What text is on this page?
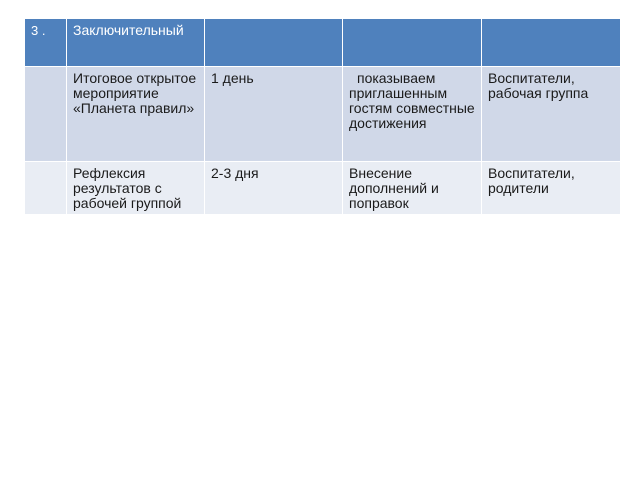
3 .	Заключительный			
	Итоговое открытое мероприятие «Планета правил»	1 день	показываем приглашенным гостям совместные достижения	Воспитатели, рабочая группа
	Рефлексия результатов с рабочей группой	2-3 дня	Внесение дополнений и поправок	Воспитатели, родители
